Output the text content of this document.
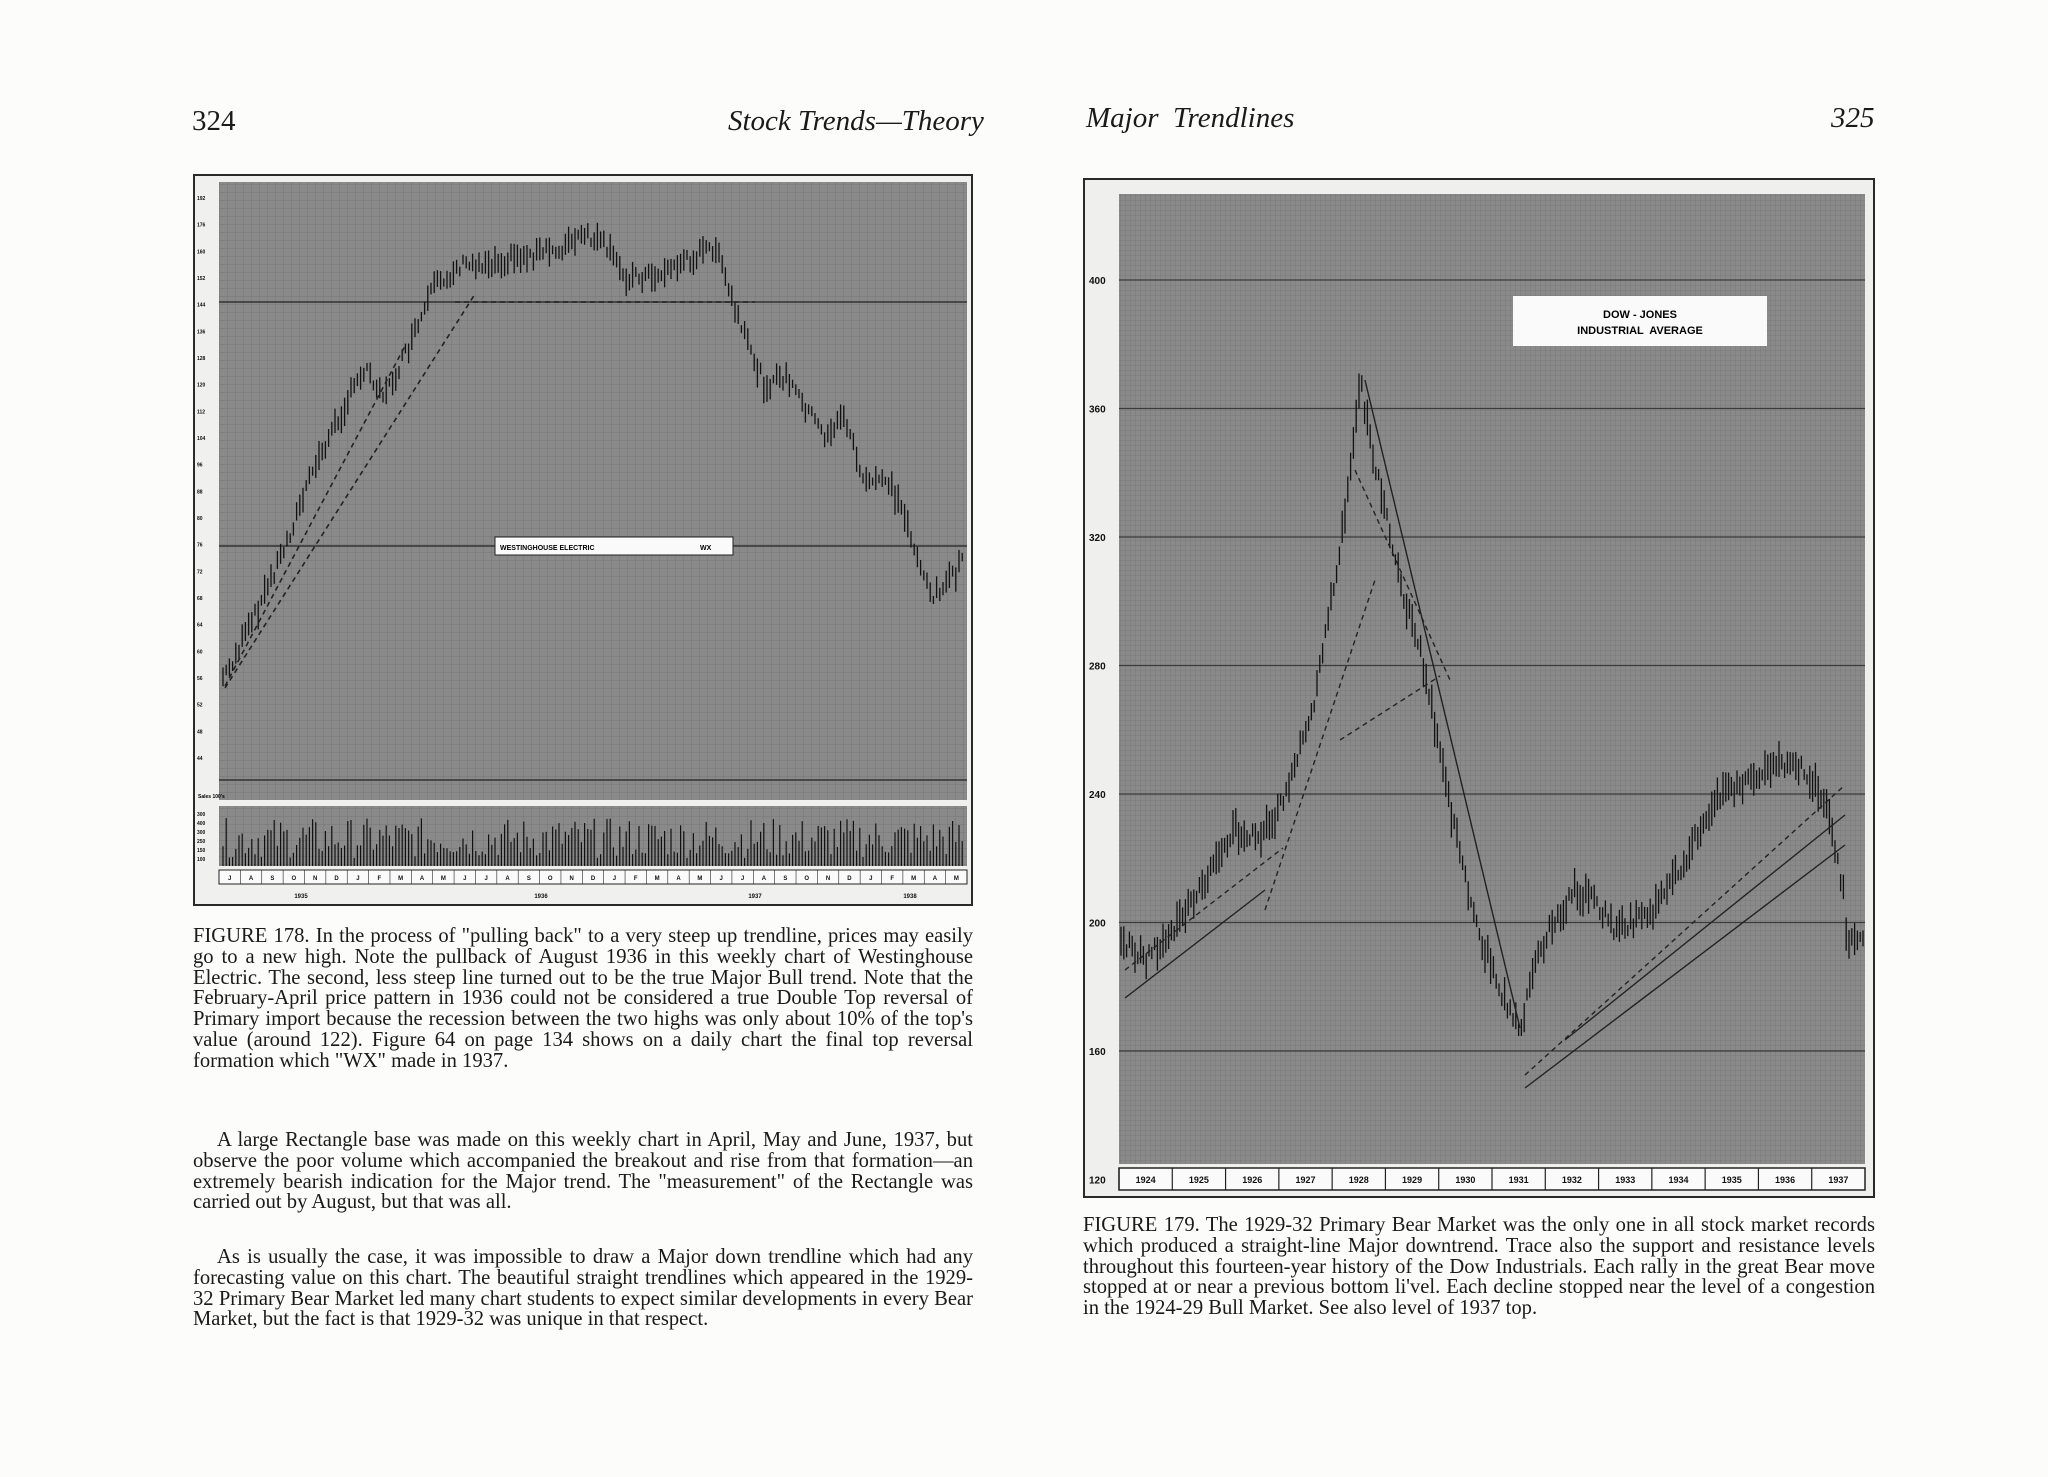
324	Stock Trends—Theory
192
176
160
152
144
136
128
120
112
104
96
88
80
76
72
68
64
60
56
52
48
44
WESTINGHOUSE ELECTRIC	WX
Sales 100's
300
400
300
250
150
100
J	A	S	O	N	D	J	F	M	A	M	J	J	A	S	O	N	D	J	F	M	A	M	J	J	A	S	O	N	D	J	F	M	A	M
1935	1936	1937	1938

FIGURE 178. In the process of "pulling back" to a very steep up trendline, prices may easily go to a new high. Note the pullback of August 1936 in this weekly chart of Westinghouse Electric. The second, less steep line turned out to be the true Major Bull trend. Note that the February-April price pattern in 1936 could not be considered a true Double Top reversal of Primary import because the recession between the two highs was only about 10% of the top's value (around 122). Figure 64 on page 134 shows on a daily chart the final top reversal formation which "WX" made in 1937.

A large Rectangle base was made on this weekly chart in April, May and June, 1937, but observe the poor volume which accompanied the breakout and rise from that formation—an extremely bearish indication for the Major trend. The "measurement" of the Rectangle was carried out by August, but that was all.

As is usually the case, it was impossible to draw a Major down trendline which had any forecasting value on this chart. The beautiful straight trendlines which appeared in the 1929-32 Primary Bear Market led many chart students to expect similar developments in every Bear Market, but the fact is that 1929-32 was unique in that respect.

Major  Trendlines	325
400
360
320
280
240
200
160
120
DOW - JONES
INDUSTRIAL  AVERAGE
1924	1925	1926	1927	1928	1929	1930	1931	1932	1933	1934	1935	1936	1937

FIGURE 179. The 1929-32 Primary Bear Market was the only one in all stock market records which produced a straight-line Major downtrend. Trace also the support and resistance levels throughout this fourteen-year history of the Dow Industrials. Each rally in the great Bear move stopped at or near a previous bottom li'vel. Each decline stopped near the level of a congestion in the 1924-29 Bull Market. See also level of 1937 top.
